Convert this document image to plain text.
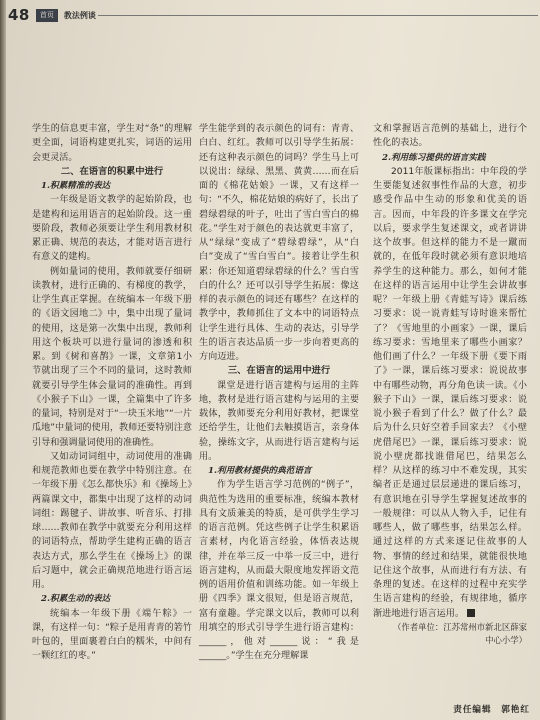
48	首页	教法例谈

学生的信息更丰富，学生对“条”的理解更全面，词语构建更扎实，词语的运用会更灵活。

二、在语言的积累中进行
1.积累精准的表达

一年级是语文教学的起始阶段，也是建构和运用语言的起始阶段。这一重要阶段，教师必须要让学生利用教材积累正确、规范的表达，才能对语言进行有意义的建构。

例如量词的使用，教师就要仔细研读教材，进行正确的、有梯度的教学，让学生真正掌握。在统编本一年级下册的《语文园地二》中，集中出现了量词的使用，这是第一次集中出现，教师利用这个板块可以进行量词的渗透和积累。到《树和喜鹊》一课，文章第1小节就出现了三个不同的量词，这时教师就要引导学生体会量词的准确性。再到《小猴子下山》一课，全篇集中了许多的量词，特别是对于“一块玉米地”“一片瓜地”中量词的使用，教师还要特别注意引导和强调量词使用的准确性。

又如动词词组中，动词使用的准确和规范教师也要在教学中特别注意。在一年级下册《怎么都快乐》和《操场上》两篇课文中，都集中出现了这样的动词词组：踢毽子、讲故事、听音乐、打排球……教师在教学中就要充分利用这样的词语特点，帮助学生建构正确的语言表达方式，那么学生在《操场上》的课后习题中，就会正确规范地进行语言运用。

2.积累生动的表达

统编本一年级下册《端午粽》一课，有这样一句：“粽子是用青青的箬竹叶包的，里面裹着白白的糯米，中间有一颗红红的枣。”

学生能学到的表示颜色的词有：青青、白白、红红。教师可以引导学生拓展：还有这种表示颜色的词吗？学生马上可以说出：绿绿、黑黑、黄黄……而在后面的《棉花姑娘》一课，又有这样一句：“不久，棉花姑娘的病好了，长出了碧绿碧绿的叶子，吐出了雪白雪白的棉花。”学生对于颜色的表达就更丰富了，从“绿绿”变成了“碧绿碧绿”，从“白白”变成了“雪白雪白”。接着让学生积累：你还知道碧绿碧绿的什么？雪白雪白的什么？还可以引导学生拓展：像这样的表示颜色的词还有哪些？在这样的教学中，教师抓住了文本中的词语特点让学生进行具体、生动的表达，引导学生的语言表达品质一步一步向着更高的方向迈进。

三、在语言的运用中进行

课堂是进行语言建构与运用的主阵地，教材是进行语言建构与运用的主要载体，教师要充分利用好教材，把课堂还给学生，让他们去触摸语言，亲身体验，操练文字，从而进行语言建构与运用。

1.利用教材提供的典范语言

作为学生语言学习范例的“例子”，典范性为选用的重要标准，统编本教材具有文质兼美的特质，是可供学生学习的语言范例。凭这些例子让学生积累语言素材，内化语言经验，体悟表达规律，并在举三反一中举一反三中，进行语言建构，从而最大限度地发挥语文范例的语用价值和训练功能。如一年级上册《四季》课文很短，但是语言规范，富有童趣。学完课文以后，教师可以利用填空的形式引导学生进行语言建构：______，他对______说：“我是______。”学生在充分理解课

文和掌握语言范例的基础上，进行个性化的表达。

2.利用练习提供的语言实践

2011年版课标指出：中年段的学生要能复述叙事性作品的大意，初步感受作品中生动的形象和优美的语言。因而，中年段的许多课文在学完以后，要求学生复述课文，或者讲讲这个故事。但这样的能力不是一蹴而就的，在低年段时就必须有意识地培养学生的这种能力。那么，如何才能在这样的语言运用中让学生会讲故事呢？一年级上册《青蛙写诗》课后练习要求：说一说青蛙写诗时谁来帮忙了？《雪地里的小画家》一课，课后练习要求：雪地里来了哪些小画家？他们画了什么？一年级下册《要下雨了》一课，课后练习要求：说说故事中有哪些动物，再分角色读一读。《小猴子下山》一课，课后练习要求：说说小猴子看到了什么？做了什么？最后为什么只好空着手回家去？《小壁虎借尾巴》一课，课后练习要求：说说小壁虎都找谁借尾巴，结果怎么样？从这样的练习中不难发现，其实编者正是通过层层递进的课后练习，有意识地在引导学生掌握复述故事的一般规律：可以从人物入手，记住有哪些人，做了哪些事，结果怎么样。通过这样的方式来逐记住故事的人物、事情的经过和结果，就能很快地记住这个故事，从而进行有方法、有条理的复述。在这样的过程中充实学生语言建构的经验，有规律地，循序渐进地进行语言运用。

（作者单位：江苏常州市新北区薛家中心小学）

责任编辑　郭艳红
